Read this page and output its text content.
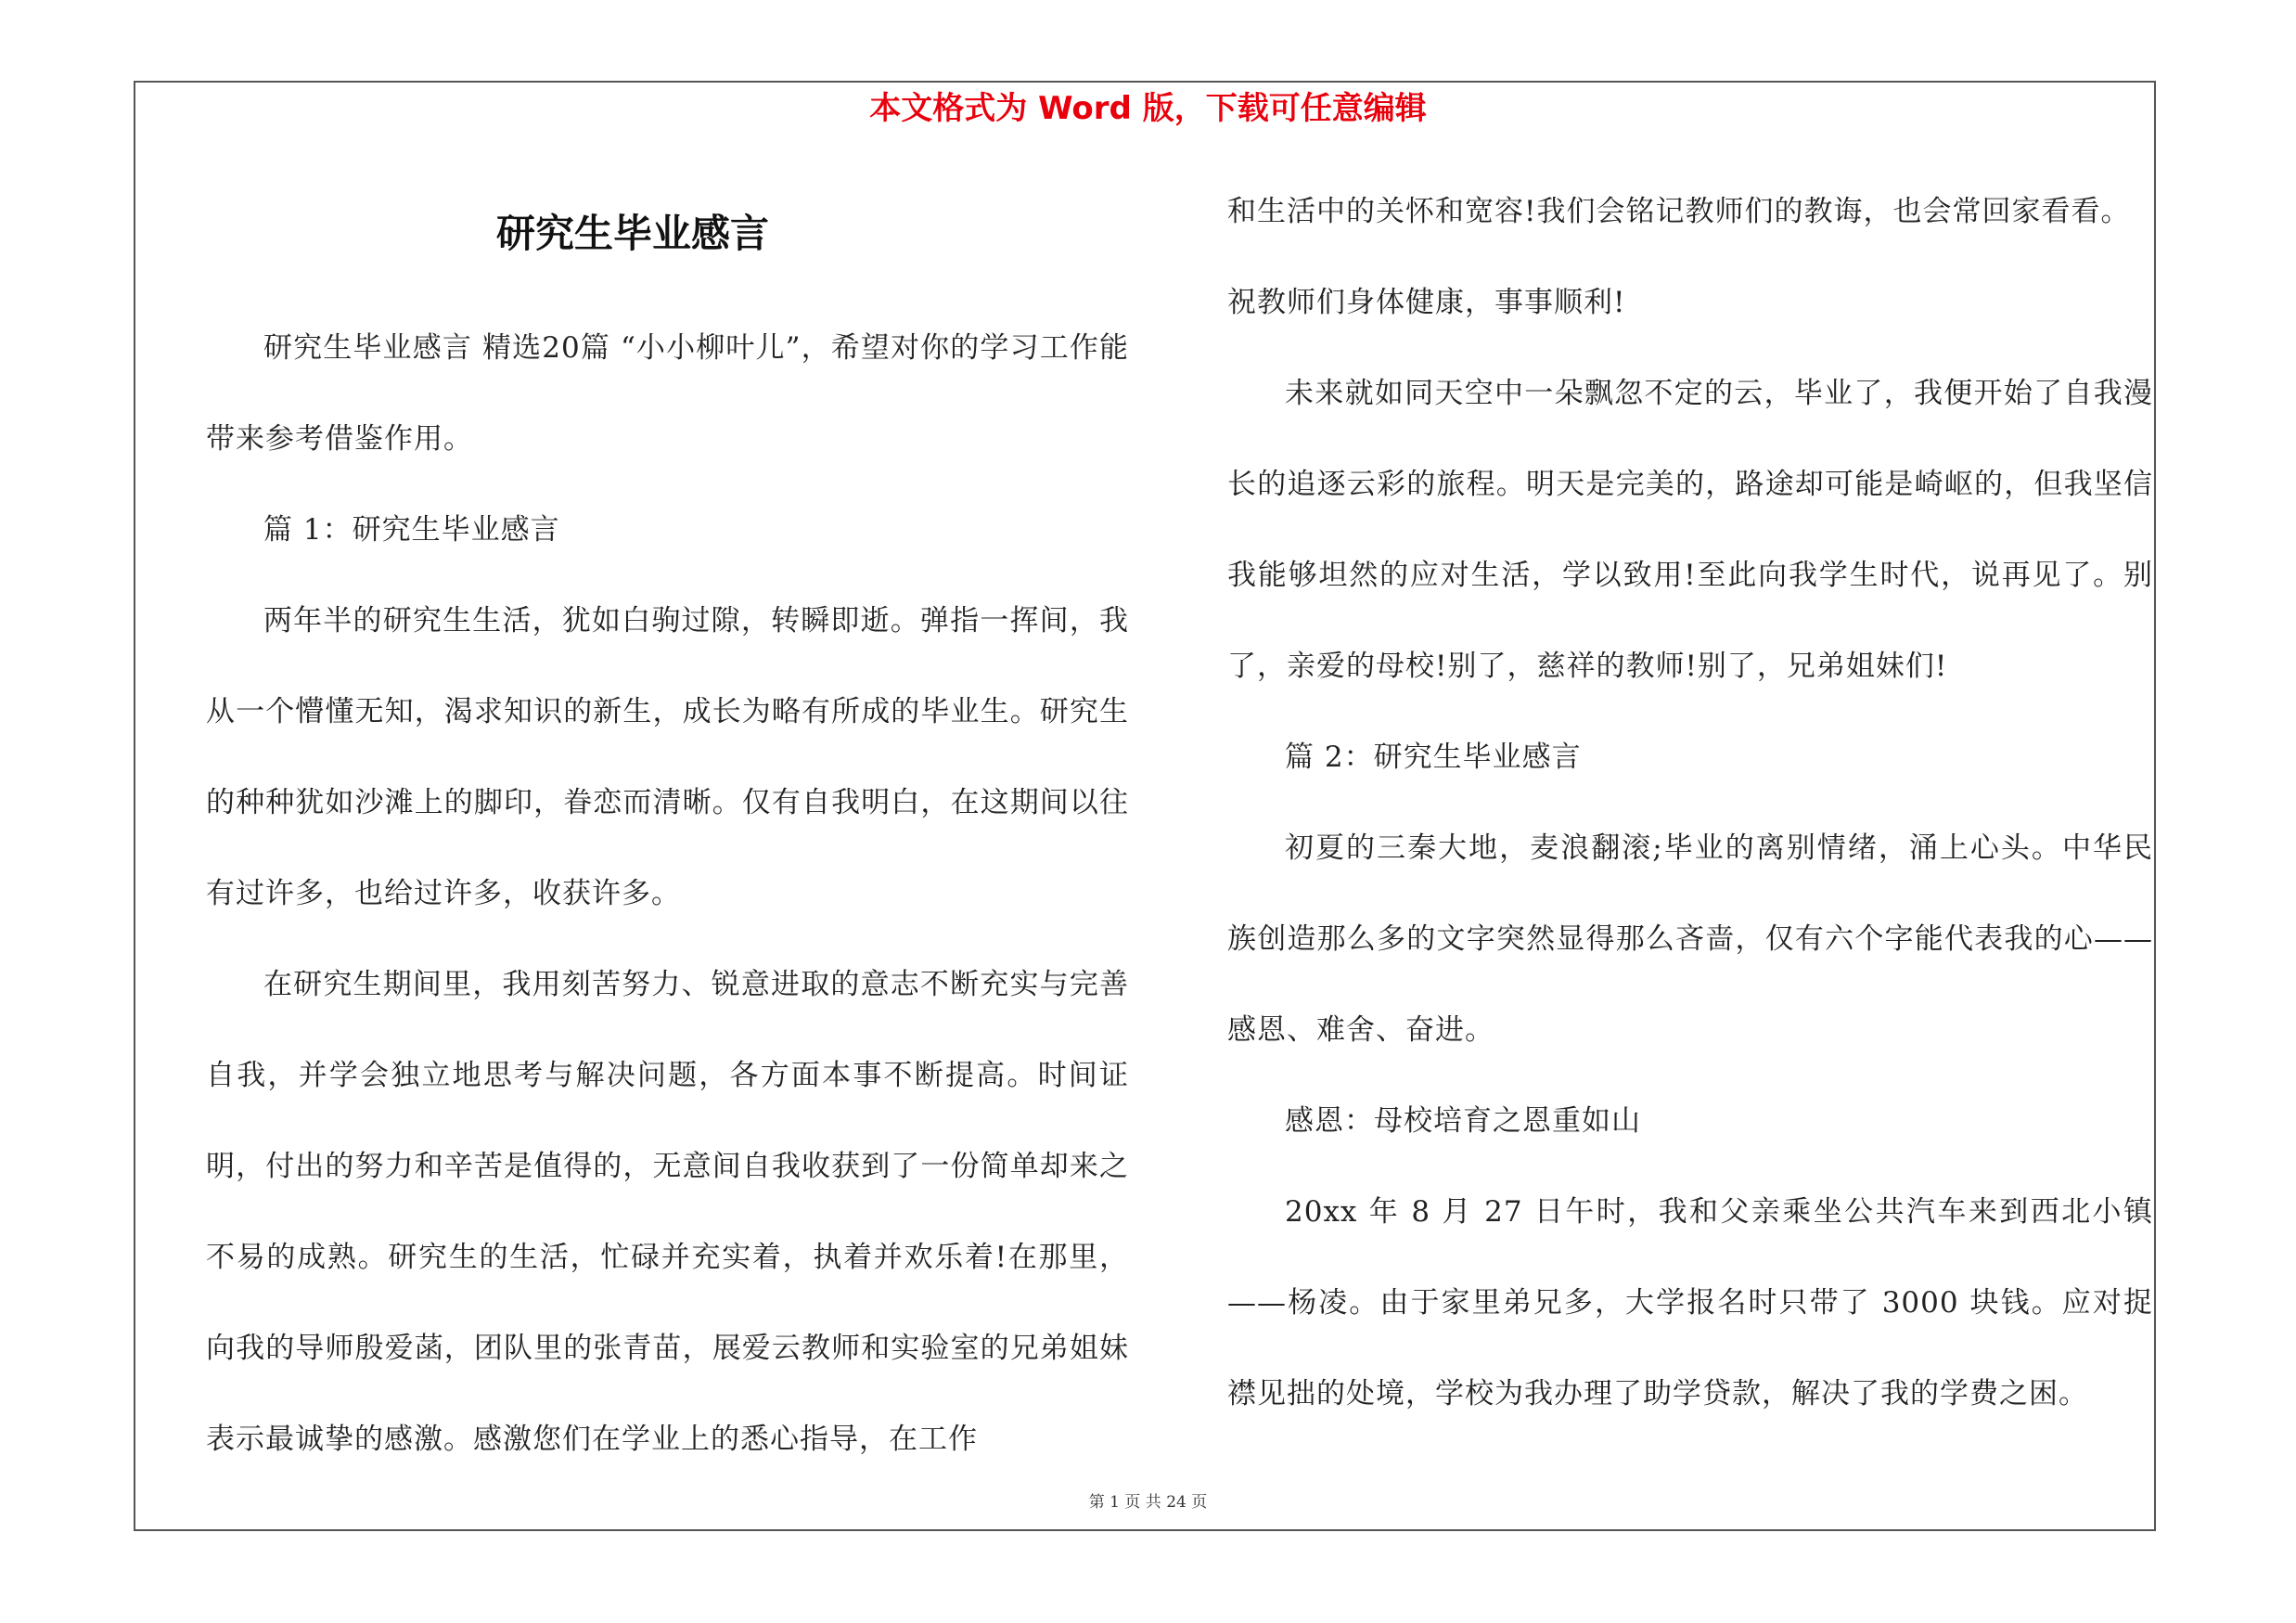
本文格式为 Word 版，下载可任意编辑
研究生毕业感言

研究生毕业感言 精选20篇 “小小柳叶儿”，希望对你的学习工作能带来参考借鉴作用。

篇 1：研究生毕业感言

两年半的研究生生活，犹如白驹过隙，转瞬即逝。弹指一挥间，我从一个懵懂无知，渴求知识的新生，成长为略有所成的毕业生。研究生的种种犹如沙滩上的脚印，眷恋而清晰。仅有自我明白，在这期间以往有过许多，也给过许多，收获许多。

在研究生期间里，我用刻苦努力、锐意进取的意志不断充实与完善自我，并学会独立地思考与解决问题，各方面本事不断提高。时间证明，付出的努力和辛苦是值得的，无意间自我收获到了一份简单却来之不易的成熟。研究生的生活，忙碌并充实着，执着并欢乐着!在那里，向我的导师殷爱菡，团队里的张青苗，展爱云教师和实验室的兄弟姐妹表示最诚挚的感激。感激您们在学业上的悉心指导，在工作

和生活中的关怀和宽容!我们会铭记教师们的教诲，也会常回家看看。

祝教师们身体健康，事事顺利!

未来就如同天空中一朵飘忽不定的云，毕业了，我便开始了自我漫长的追逐云彩的旅程。明天是完美的，路途却可能是崎岖的，但我坚信我能够坦然的应对生活，学以致用!至此向我学生时代，说再见了。别了，亲爱的母校!别了，慈祥的教师!别了，兄弟姐妹们!

篇 2：研究生毕业感言

初夏的三秦大地，麦浪翻滚;毕业的离别情绪，涌上心头。中华民族创造那么多的文字突然显得那么吝啬，仅有六个字能代表我的心——感恩、难舍、奋进。

感恩：母校培育之恩重如山

20xx 年 8 月 27 日午时，我和父亲乘坐公共汽车来到西北小镇——杨凌。由于家里弟兄多，大学报名时只带了 3000 块钱。应对捉襟见拙的处境，学校为我办理了助学贷款，解决了我的学费之困。

第 1 页 共 24 页
